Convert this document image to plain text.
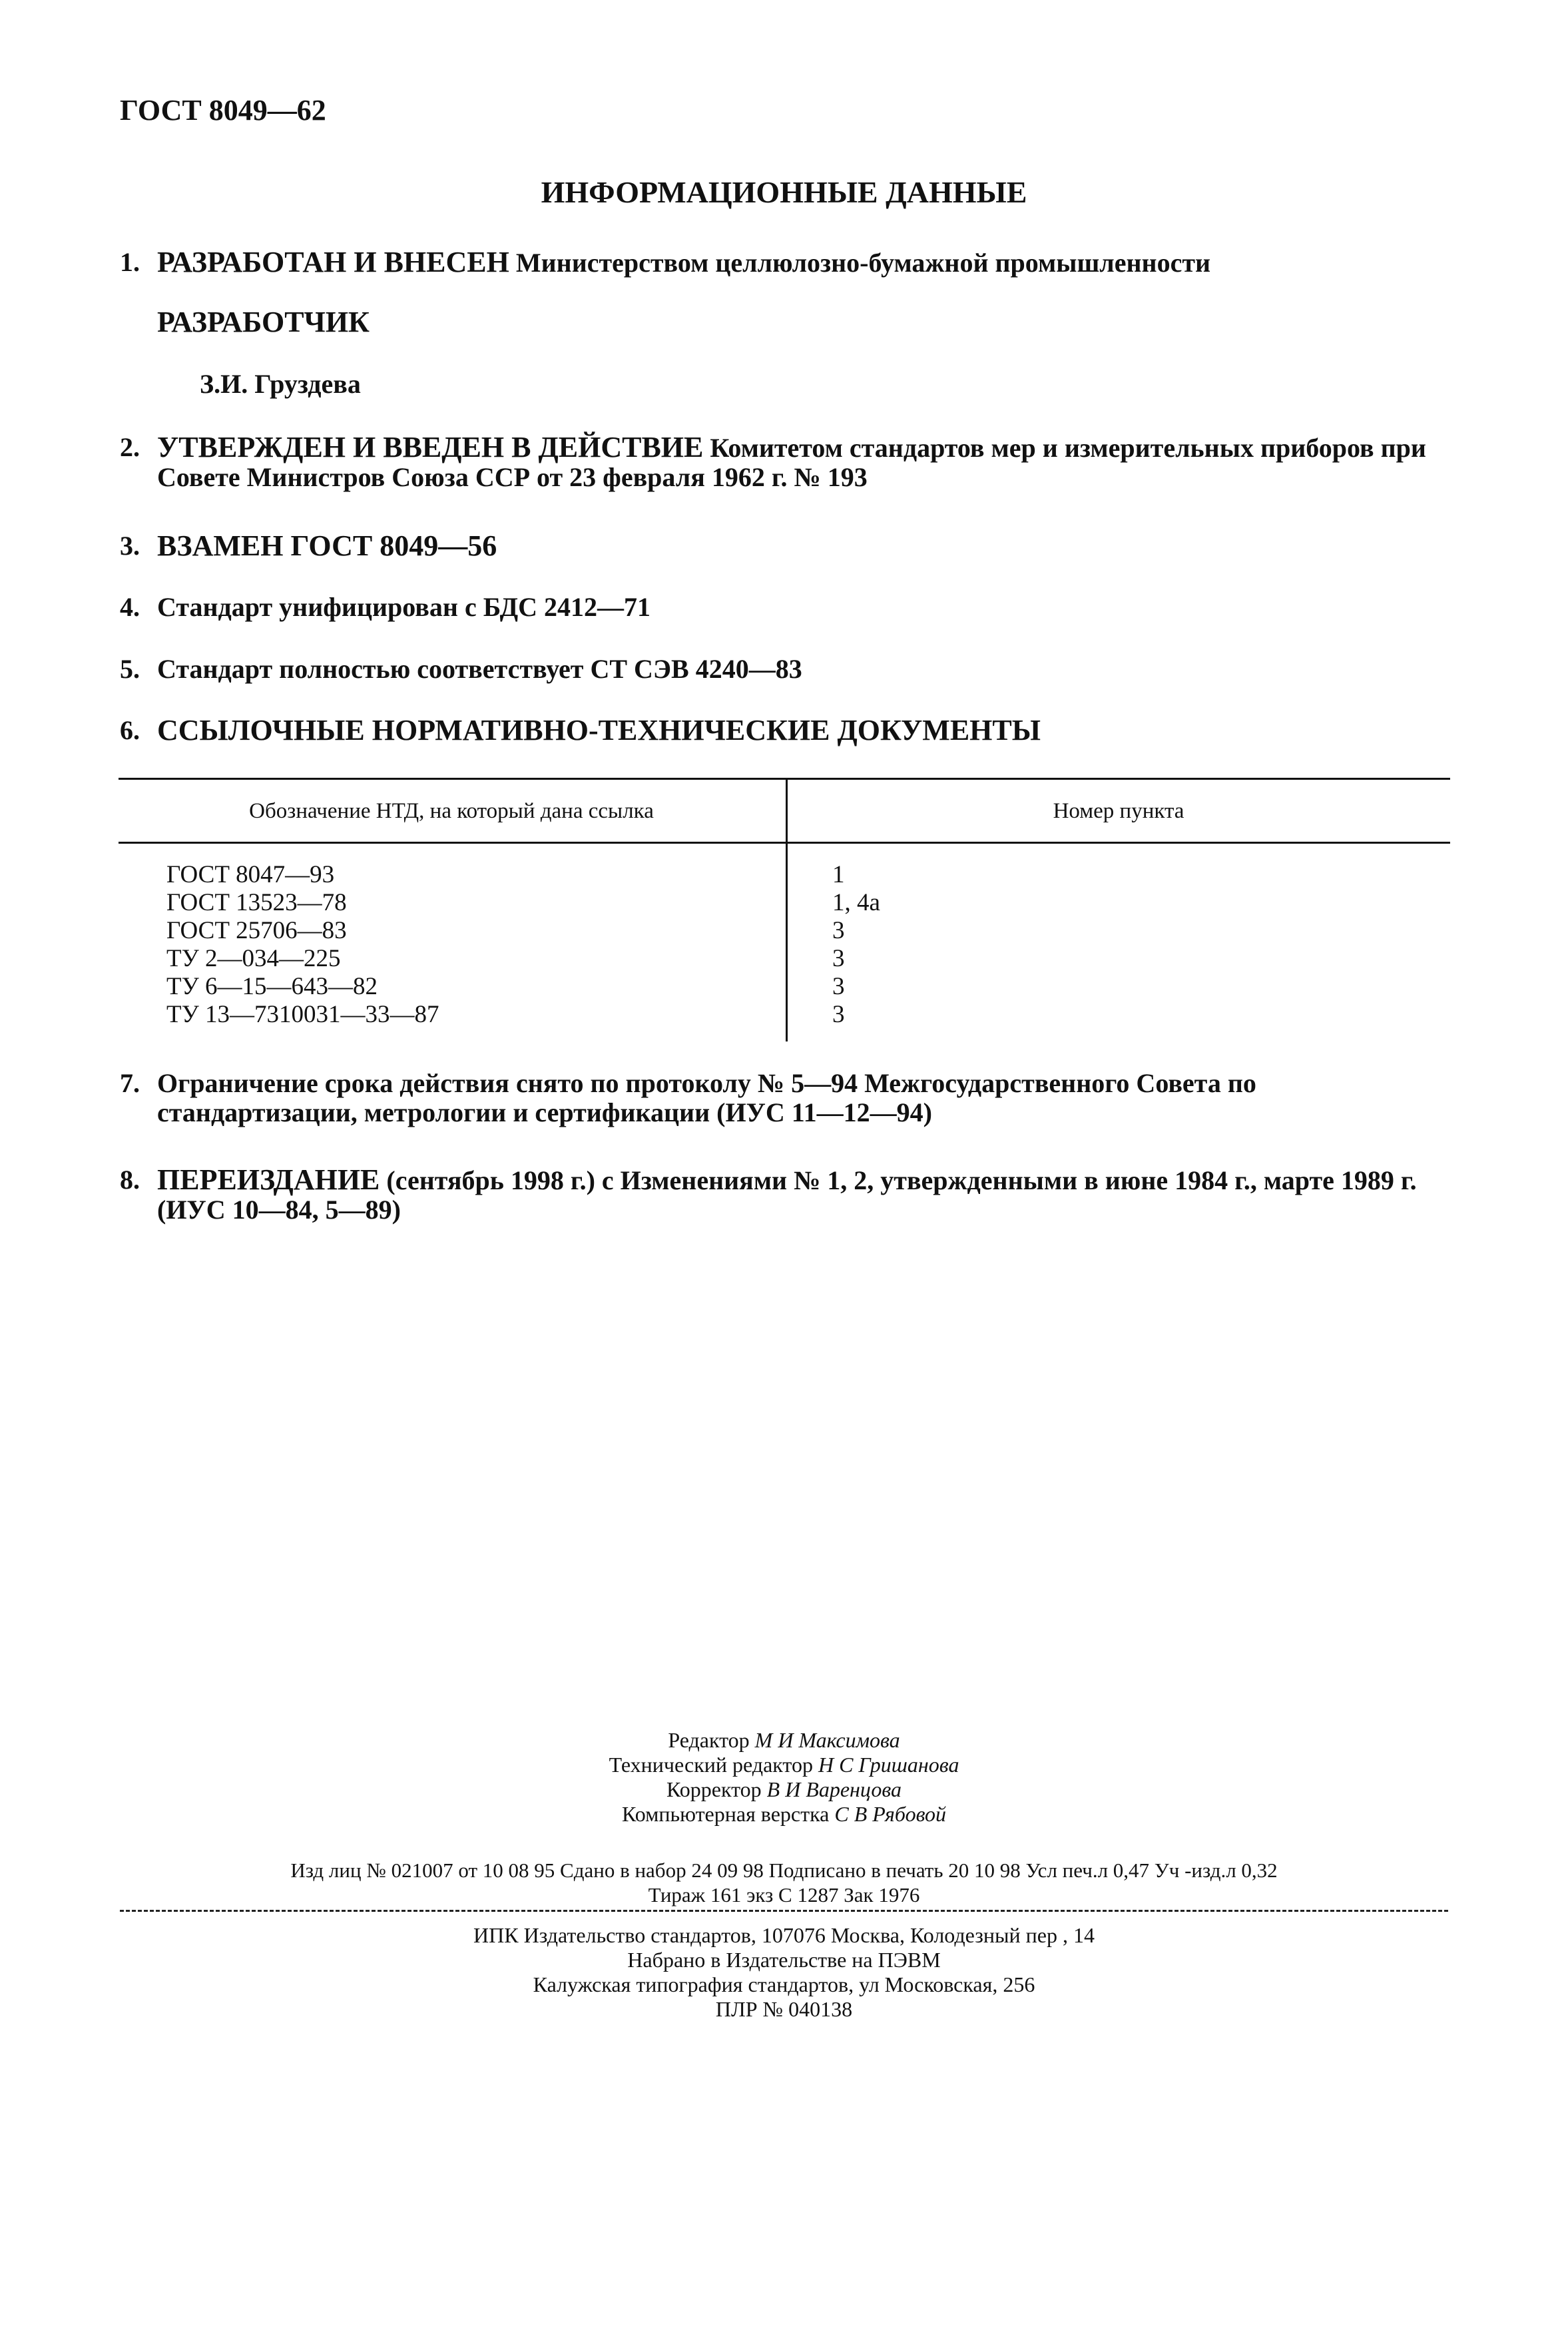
ГОСТ 8049—62
ИНФОРМАЦИОННЫЕ ДАННЫЕ
1. РАЗРАБОТАН И ВНЕСЕН Министерством целлюлозно-бумажной промышленности
РАЗРАБОТЧИК
З.И. Груздева
2. УТВЕРЖДЕН И ВВЕДЕН В ДЕЙСТВИЕ Комитетом стандартов мер и измерительных приборов при Совете Министров Союза ССР от 23 февраля 1962 г. № 193
3. ВЗАМЕН ГОСТ 8049—56
4. Стандарт унифицирован с БДС 2412—71
5. Стандарт полностью соответствует СТ СЭВ 4240—83
6. ССЫЛОЧНЫЕ НОРМАТИВНО-ТЕХНИЧЕСКИЕ ДОКУМЕНТЫ
Обозначение НТД, на который дана ссылка	Номер пункта
ГОСТ 8047—93
ГОСТ 13523—78
ГОСТ 25706—83
ТУ 2—034—225
ТУ 6—15—643—82
ТУ 13—7310031—33—87
1
1, 4а
3
3
3
3
7. Ограничение срока действия снято по протоколу № 5—94 Межгосударственного Совета по стандартизации, метрологии и сертификации (ИУС 11—12—94)
8. ПЕРЕИЗДАНИЕ (сентябрь 1998 г.) с Изменениями № 1, 2, утвержденными в июне 1984 г., марте 1989 г. (ИУС 10—84, 5—89)
Редактор М И Максимова
Технический редактор Н С Гришанова
Корректор В И Варенцова
Компьютерная верстка С В Рябовой
Изд лиц № 021007 от 10 08 95 Сдано в набор 24 09 98 Подписано в печать 20 10 98 Усл печ.л 0,47 Уч -изд.л 0,32
Тираж 161 экз С 1287 Зак 1976
ИПК Издательство стандартов, 107076 Москва, Колодезный пер , 14
Набрано в Издательстве на ПЭВМ
Калужская типография стандартов, ул Московская, 256
ПЛР № 040138
